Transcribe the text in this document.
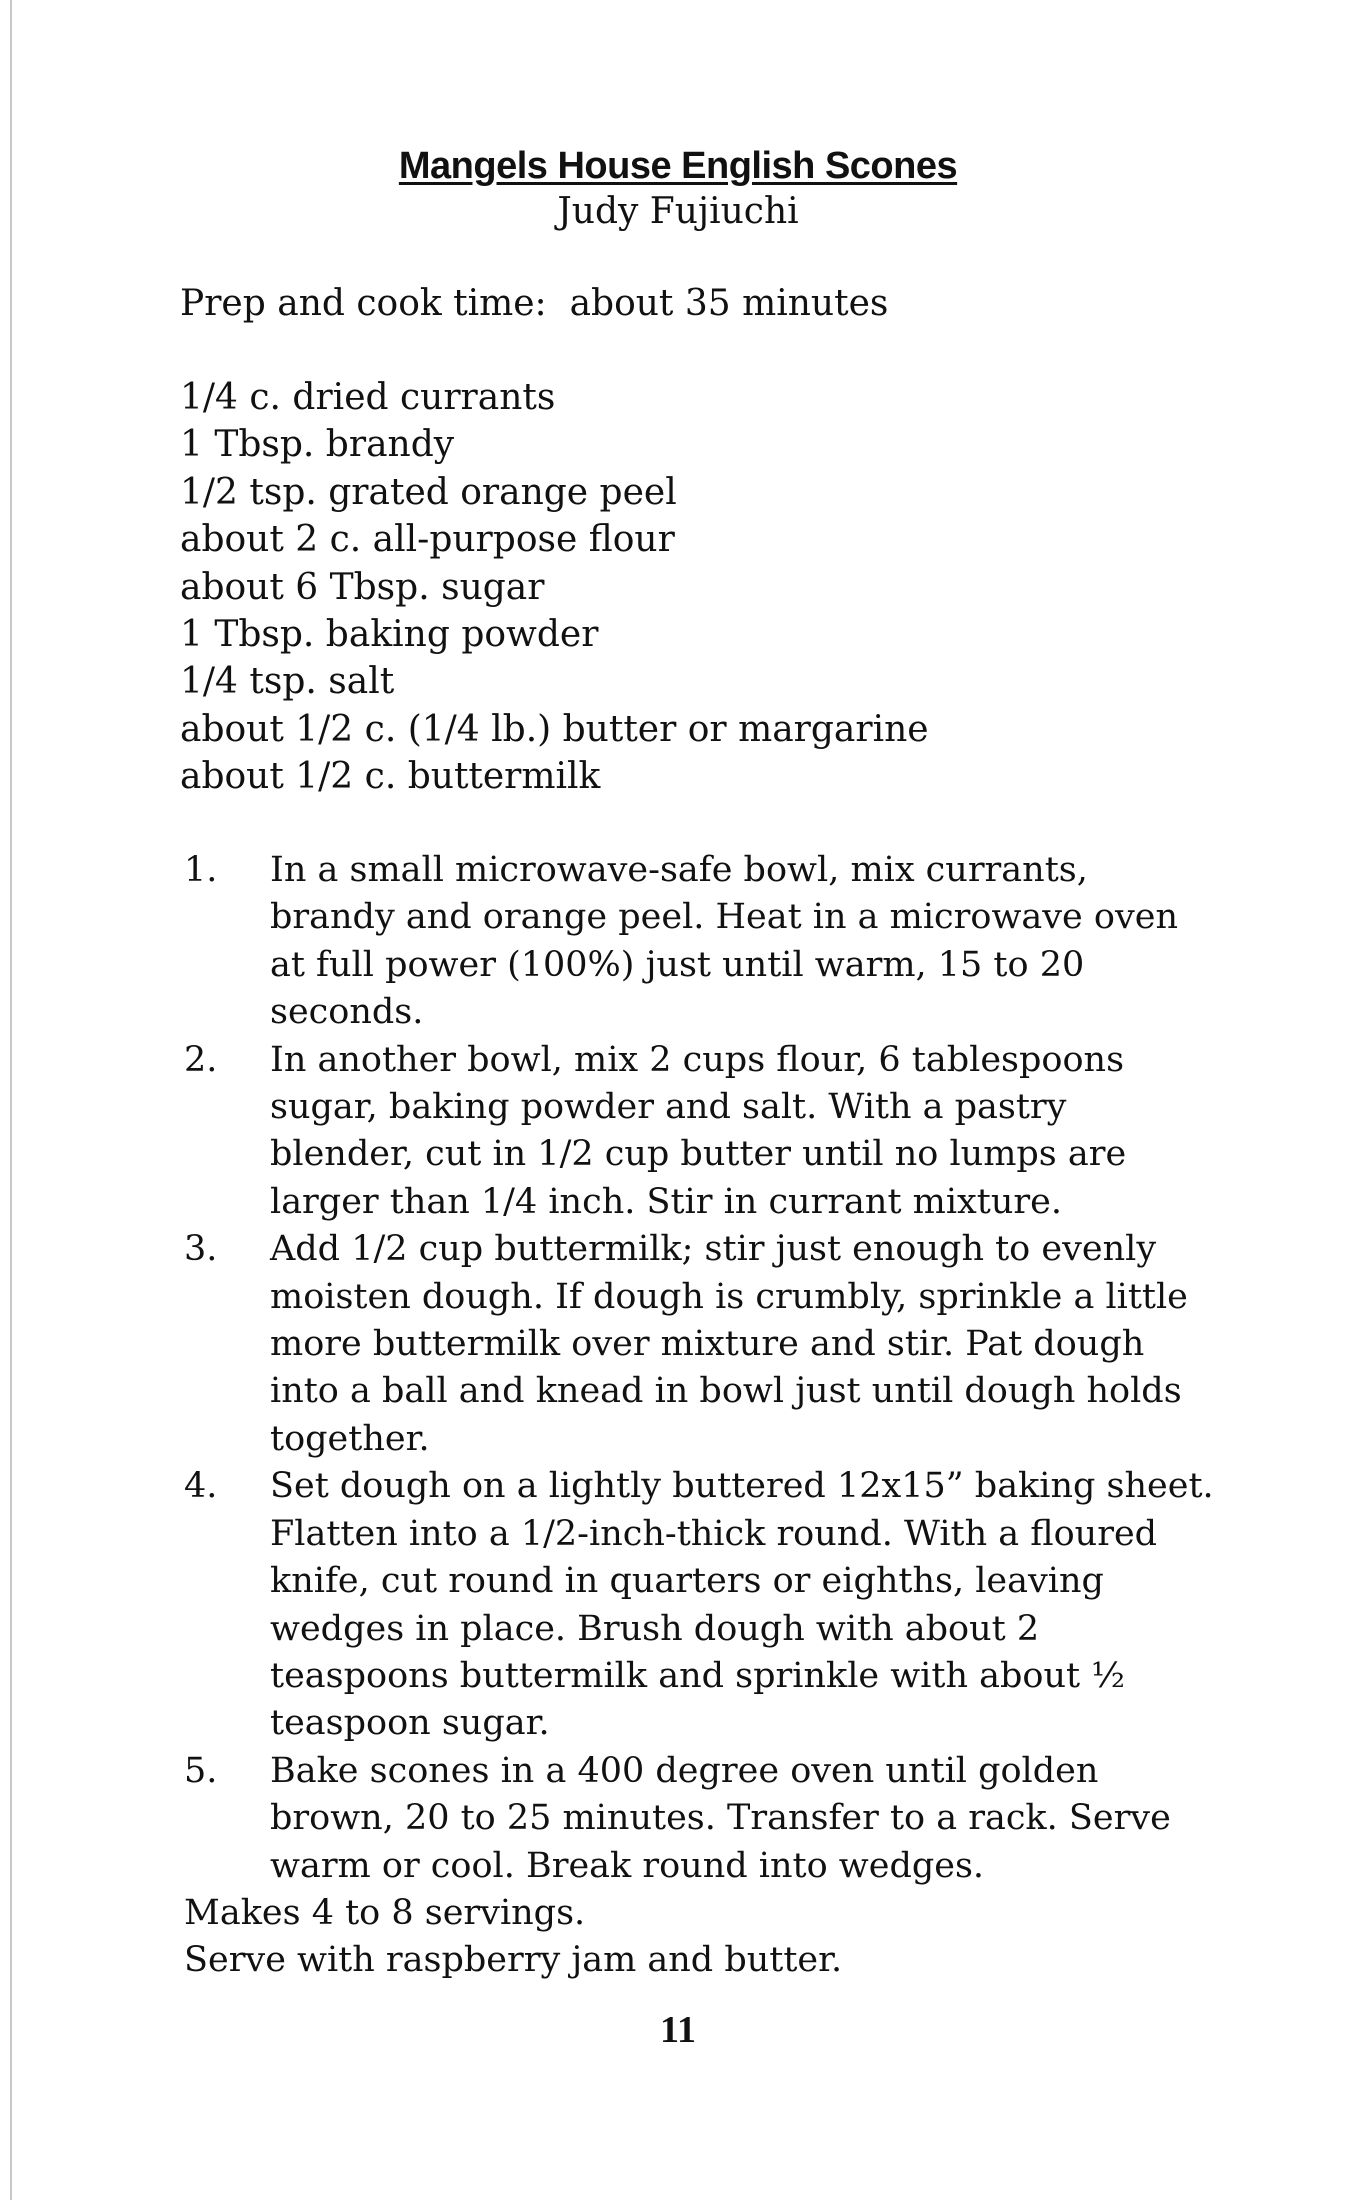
Mangels House English Scones
Judy Fujiuchi
Prep and cook time:  about 35 minutes
1/4 c. dried currants
1 Tbsp. brandy
1/2 tsp. grated orange peel
about 2 c. all-purpose flour
about 6 Tbsp. sugar
1 Tbsp. baking powder
1/4 tsp. salt
about 1/2 c. (1/4 lb.) butter or margarine
about 1/2 c. buttermilk
1. In a small microwave-safe bowl, mix currants, brandy and orange peel. Heat in a microwave oven at full power (100%) just until warm, 15 to 20 seconds.
2. In another bowl, mix 2 cups flour, 6 tablespoons sugar, baking powder and salt. With a pastry blender, cut in 1/2 cup butter until no lumps are larger than 1/4 inch. Stir in currant mixture.
3. Add 1/2 cup buttermilk; stir just enough to evenly moisten dough. If dough is crumbly, sprinkle a little more buttermilk over mixture and stir. Pat dough into a ball and knead in bowl just until dough holds together.
4. Set dough on a lightly buttered 12x15” baking sheet. Flatten into a 1/2-inch-thick round. With a floured knife, cut round in quarters or eighths, leaving wedges in place. Brush dough with about 2 teaspoons buttermilk and sprinkle with about ½ teaspoon sugar.
5. Bake scones in a 400 degree oven until golden brown, 20 to 25 minutes. Transfer to a rack. Serve warm or cool. Break round into wedges.
Makes 4 to 8 servings.
Serve with raspberry jam and butter.
11
